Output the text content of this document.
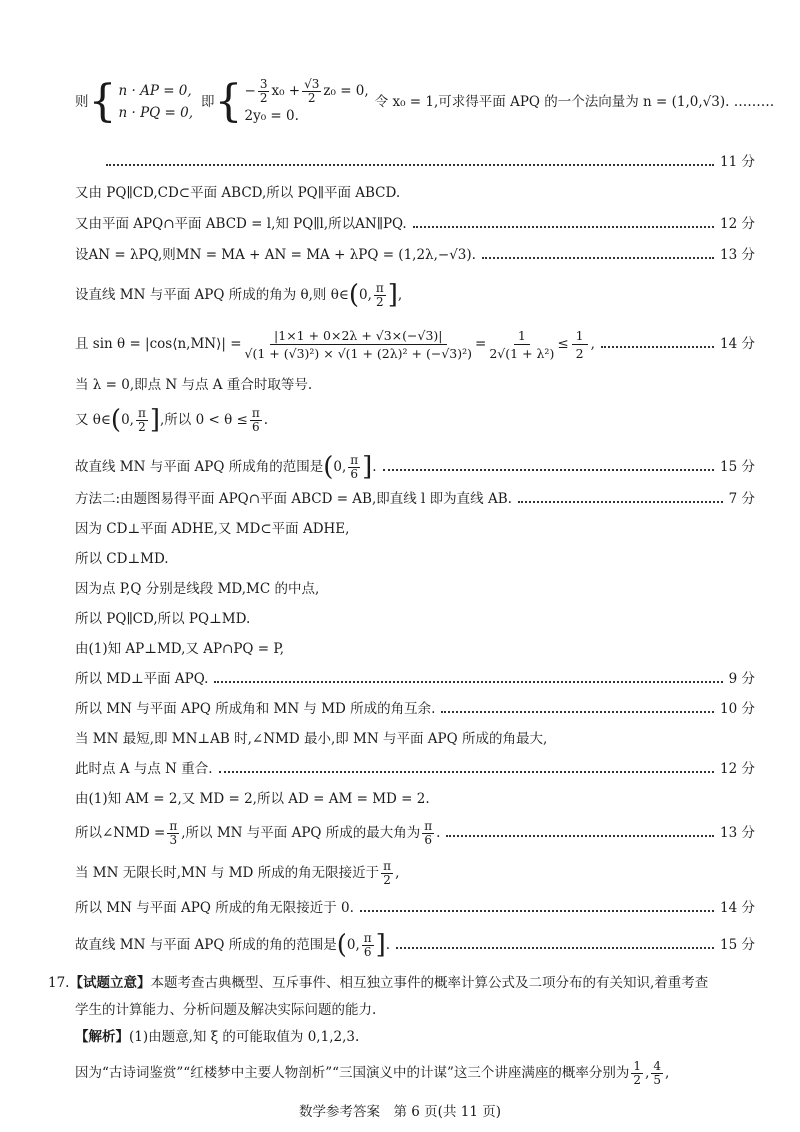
则 { n · AP = 0,
n · PQ = 0,
即 { − $\frac{3}{2} x_0 + \frac{√3}{2} z_0 = 0$,
2y₀ = 0.
令 x₀ = 1,可求得平面 APQ 的一个法向量为 n = (1,0,√3). ………
11 分
又由 PQ∥CD,CD⊂平面 ABCD,所以 PQ∥平面 ABCD.
又由平面 APQ∩平面 ABCD = l,知 PQ∥l,所以AN∥PQ.	12 分
设AN = λPQ,则MN = MA + AN = MA + λPQ = (1,2λ,−√3).	13 分
设直线 MN 与平面 APQ 所成的角为 θ,则 θ∈ ( 0, $\frac{\pi}{2}$ ] ,
且 sin θ = |cos⟨n,MN⟩| = $\frac{|1\times 1 + 0\times 2\lambda + √3\times(-√3)|}{\text{√(1 + (√3)²) × √(1 + (2λ)² + (−√3)²)}} = \frac{1}{\text{2√(1 + λ²)}} \le \frac{1}{2}$ ,	14 分
当 λ = 0,即点 N 与点 A 重合时取等号.
又 θ∈ ( 0, $\frac{\pi}{2}$ ] ,所以 $0 < \theta \le \frac{\pi}{6}$ .
故直线 MN 与平面 APQ 所成角的范围是 ( 0, $\frac{\pi}{6}$ ] .	15 分
方法二:由题图易得平面 APQ∩平面 ABCD = AB,即直线 l 即为直线 AB.	7 分
因为 CD⊥平面 ADHE,又 MD⊂平面 ADHE,
所以 CD⊥MD.
因为点 P,Q 分别是线段 MD,MC 的中点,
所以 PQ∥CD,所以 PQ⊥MD.
由(1)知 AP⊥MD,又 AP∩PQ = P,
所以 MD⊥平面 APQ.	9 分
所以 MN 与平面 APQ 所成角和 MN 与 MD 所成的角互余.	10 分
当 MN 最短,即 MN⊥AB 时,∠NMD 最小,即 MN 与平面 APQ 所成的角最大,
此时点 A 与点 N 重合.	12 分
由(1)知 AM = 2,又 MD = 2,所以 AD = AM = MD = 2.
所以∠NMD = $\frac{\pi}{3}$ ,所以 MN 与平面 APQ 所成的最大角为 $\frac{\pi}{6}$ .	13 分
当 MN 无限长时,MN 与 MD 所成的角无限接近于 $\frac{\pi}{2}$ ,
所以 MN 与平面 APQ 所成的角无限接近于 0.	14 分
故直线 MN 与平面 APQ 所成的角的范围是 ( 0, $\frac{\pi}{6}$ ] .	15 分
17. 【试题立意】 本题考查古典概型、互斥事件、相互独立事件的概率计算公式及二项分布的有关知识,着重考查
学生的计算能力、分析问题及解决实际问题的能力.
【解析】 (1)由题意,知 ξ 的可能取值为 0,1,2,3.
因为“古诗词鉴赏”“红楼梦中主要人物剖析”“三国演义中的计谋”这三个讲座满座的概率分别为 $\frac{1}{2}$ , $\frac{4}{5}$ ,
数学参考答案　第 6 页(共 11 页)
